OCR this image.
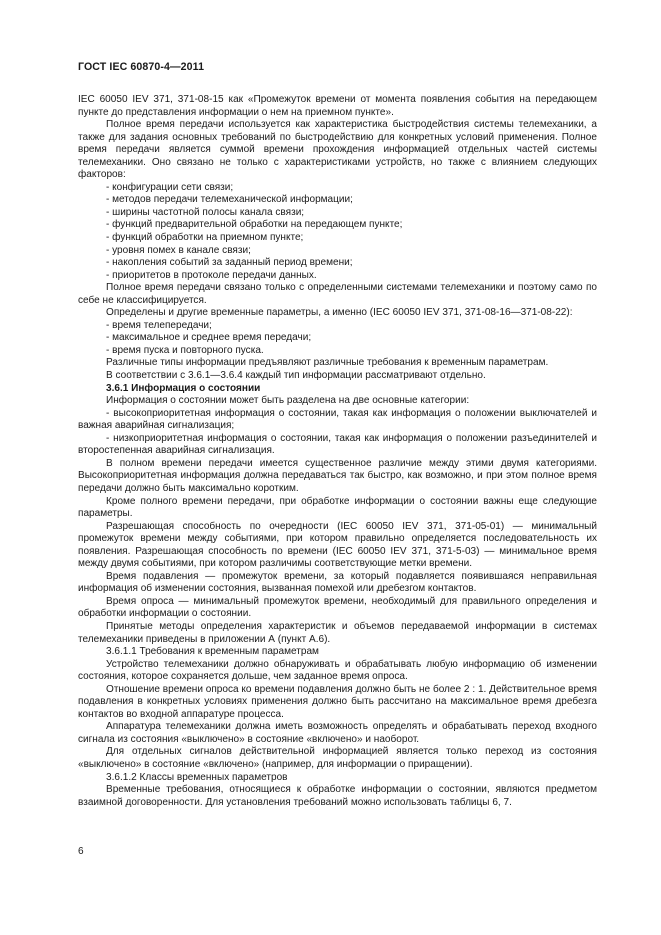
ГОСТ IEC 60870-4—2011

IEC 60050 IEV 371, 371-08-15 как «Промежуток времени от момента появления события на передающем пункте до представления информации о нем на приемном пункте».

Полное время передачи используется как характеристика быстродействия системы телемеханики, а также для задания основных требований по быстродействию для конкретных условий применения. Полное время передачи является суммой времени прохождения информацией отдельных частей системы телемеханики. Оно связано не только с характеристиками устройств, но также с влиянием следующих факторов:

- конфигурации сети связи;

- методов передачи телемеханической информации;

- ширины частотной полосы канала связи;

- функций предварительной обработки на передающем пункте;

- функций обработки на приемном пункте;

- уровня помех в канале связи;

- накопления событий за заданный период времени;

- приоритетов в протоколе передачи данных.

Полное время передачи связано только с определенными системами телемеханики и поэтому само по себе не классифицируется.

Определены и другие временные параметры, а именно (IEC 60050 IEV 371, 371-08-16—371-08-22):

- время телепередачи;

- максимальное и среднее время передачи;

- время пуска и повторного пуска.

Различные типы информации предъявляют различные требования к временным параметрам.

В соответствии с 3.6.1—3.6.4 каждый тип информации рассматривают отдельно.

3.6.1 Информация о состоянии

Информация о состоянии может быть разделена на две основные категории:

- высокоприоритетная информация о состоянии, такая как информация о положении выключателей и важная аварийная сигнализация;

- низкоприоритетная информация о состоянии, такая как информация о положении разъединителей и второстепенная аварийная сигнализация.

В полном времени передачи имеется существенное различие между этими двумя категориями. Высокоприоритетная информация должна передаваться так быстро, как возможно, и при этом полное время передачи должно быть максимально коротким.

Кроме полного времени передачи, при обработке информации о состоянии важны еще следующие параметры.

Разрешающая способность по очередности (IEC 60050 IEV 371, 371-05-01) — минимальный промежуток времени между событиями, при котором правильно определяется последовательность их появления. Разрешающая способность по времени (IEC 60050 IEV 371, 371-5-03) — минимальное время между двумя событиями, при котором различимы соответствующие метки времени.

Время подавления — промежуток времени, за который подавляется появившаяся неправильная информация об изменении состояния, вызванная помехой или дребезгом контактов.

Время опроса — минимальный промежуток времени, необходимый для правильного определения и обработки информации о состоянии.

Принятые методы определения характеристик и объемов передаваемой информации в системах телемеханики приведены в приложении А (пункт А.6).

3.6.1.1 Требования к временным параметрам

Устройство телемеханики должно обнаруживать и обрабатывать любую информацию об изменении состояния, которое сохраняется дольше, чем заданное время опроса.

Отношение времени опроса ко времени подавления должно быть не более 2 : 1. Действительное время подавления в конкретных условиях применения должно быть рассчитано на максимальное время дребезга контактов во входной аппаратуре процесса.

Аппаратура телемеханики должна иметь возможность определять и обрабатывать переход входного сигнала из состояния «выключено» в состояние «включено» и наоборот.

Для отдельных сигналов действительной информацией является только переход из состояния «выключено» в состояние «включено» (например, для информации о приращении).

3.6.1.2 Классы временных параметров

Временные требования, относящиеся к обработке информации о состоянии, являются предметом взаимной договоренности. Для установления требований можно использовать таблицы 6, 7.

6
